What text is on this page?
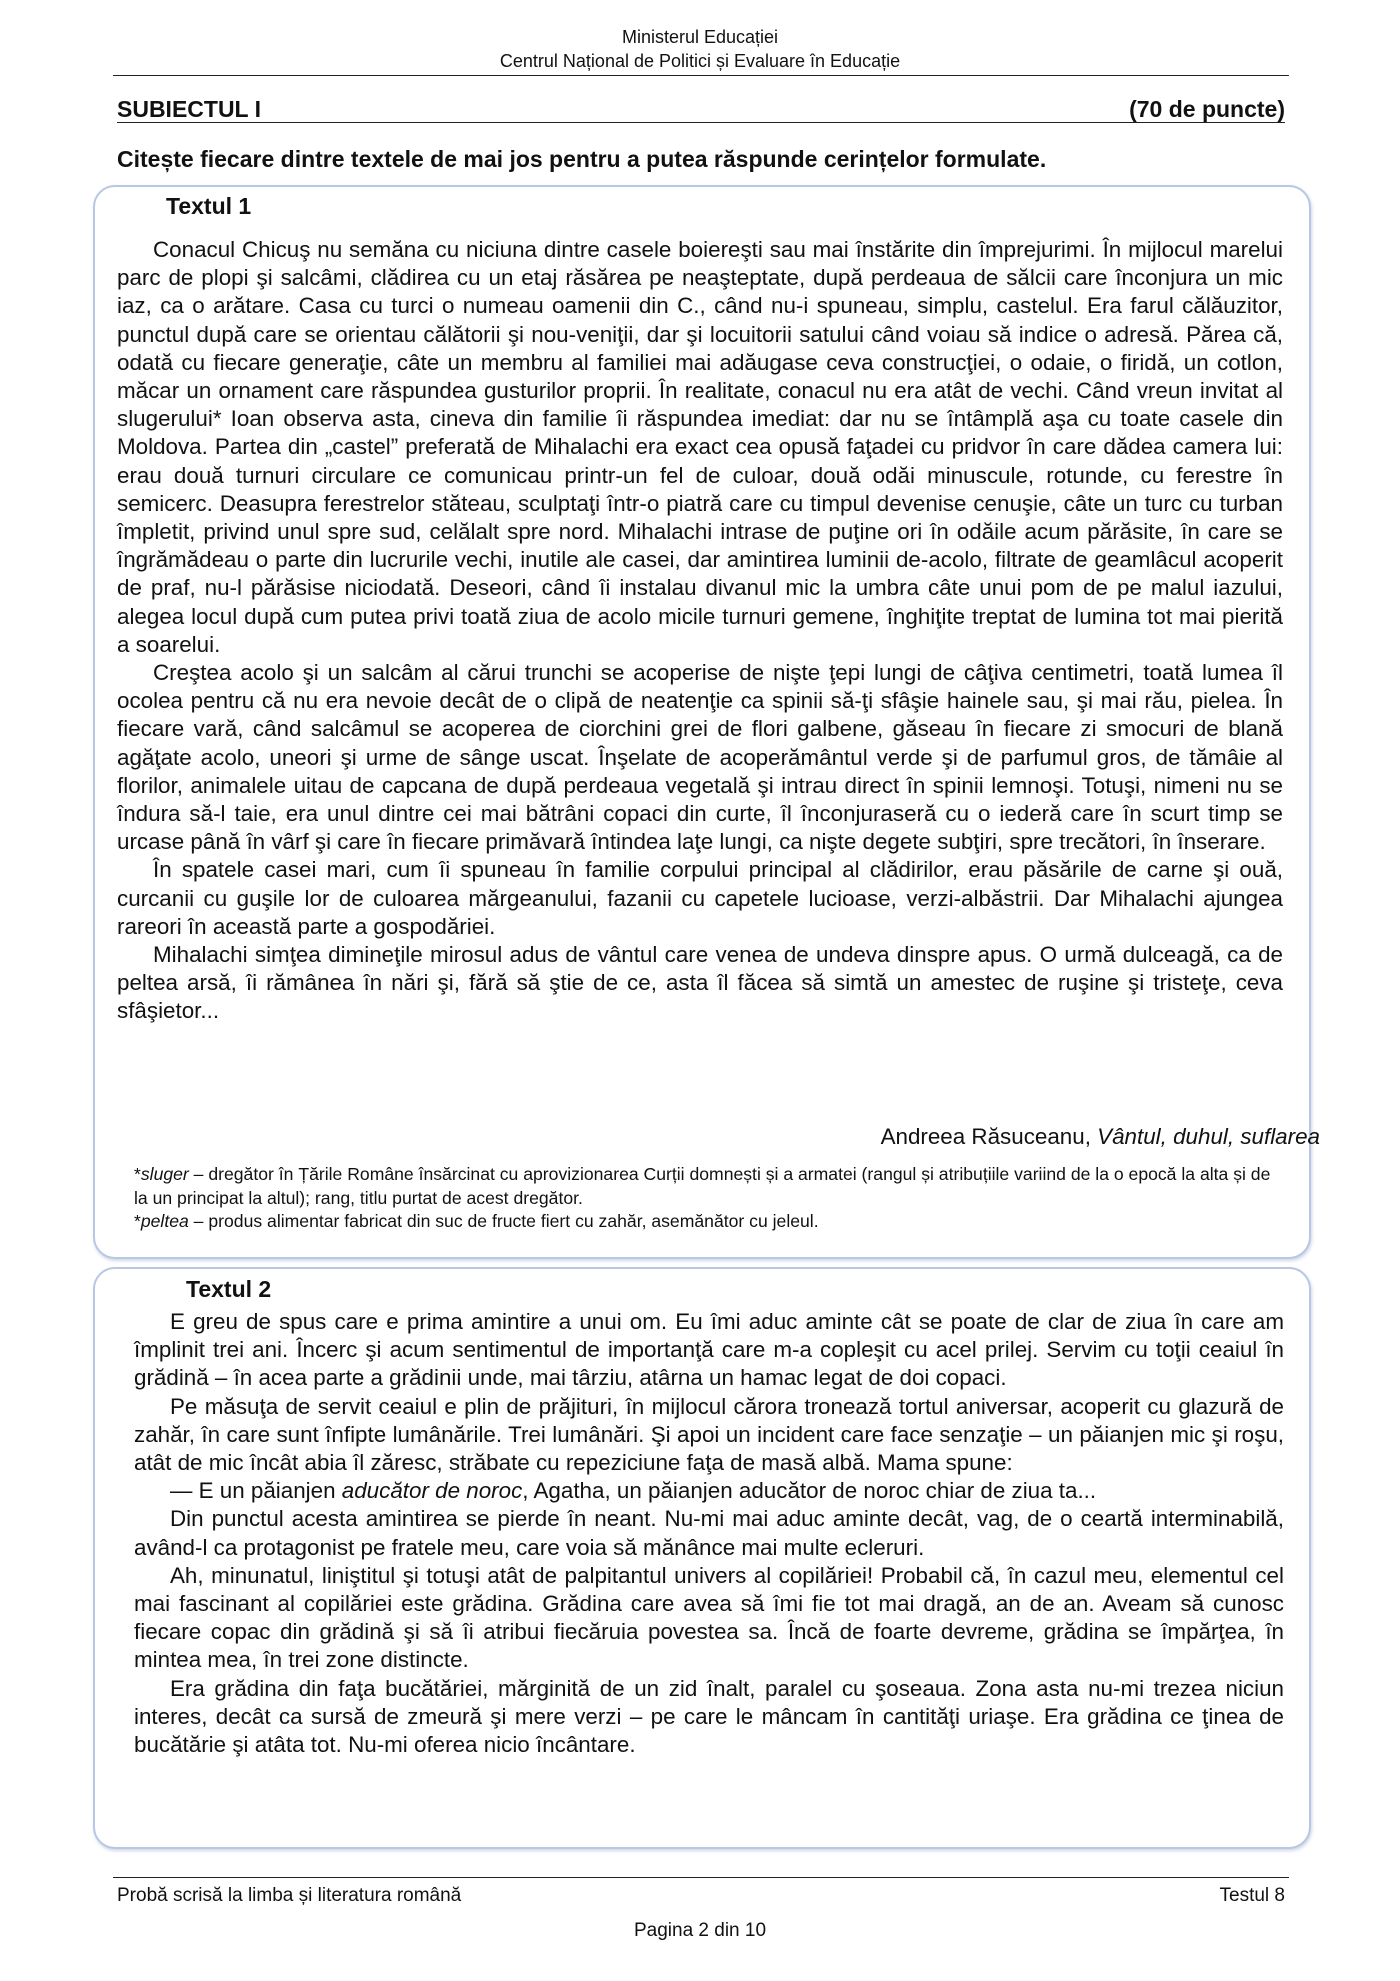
Ministerul Educației
Centrul Național de Politici și Evaluare în Educație
SUBIECTUL I	(70 de puncte)
Citește fiecare dintre textele de mai jos pentru a putea răspunde cerințelor formulate.
Textul 1

Conacul Chicuş nu semăna cu niciuna dintre casele boiereşti sau mai înstărite din împrejurimi. În mijlocul marelui parc de plopi şi salcâmi, clădirea cu un etaj răsărea pe neaşteptate, după perdeaua de sălcii care înconjura un mic iaz, ca o arătare. Casa cu turci o numeau oamenii din C., când nu-i spuneau, simplu, castelul. Era farul călăuzitor, punctul după care se orientau călătorii şi nou-veniţii, dar şi locuitorii satului când voiau să indice o adresă. Părea că, odată cu fiecare generaţie, câte un membru al familiei mai adăugase ceva construcţiei, o odaie, o firidă, un cotlon, măcar un ornament care răspundea gusturilor proprii. În realitate, conacul nu era atât de vechi. Când vreun invitat al slugerului* Ioan observa asta, cineva din familie îi răspundea imediat: dar nu se întâmplă aşa cu toate casele din Moldova. Partea din „castel” preferată de Mihalachi era exact cea opusă faţadei cu pridvor în care dădea camera lui: erau două turnuri circulare ce comunicau printr-un fel de culoar, două odăi minuscule, rotunde, cu ferestre în semicerc. Deasupra ferestrelor stăteau, sculptaţi într-o piatră care cu timpul devenise cenuşie, câte un turc cu turban împletit, privind unul spre sud, celălalt spre nord. Mihalachi intrase de puţine ori în odăile acum părăsite, în care se îngrămădeau o parte din lucrurile vechi, inutile ale casei, dar amintirea luminii de-acolo, filtrate de geamlâcul acoperit de praf, nu-l părăsise niciodată. Deseori, când îi instalau divanul mic la umbra câte unui pom de pe malul iazului, alegea locul după cum putea privi toată ziua de acolo micile turnuri gemene, înghiţite treptat de lumina tot mai pierită a soarelui.

Creştea acolo şi un salcâm al cărui trunchi se acoperise de nişte ţepi lungi de câţiva centimetri, toată lumea îl ocolea pentru că nu era nevoie decât de o clipă de neatenţie ca spinii să-ţi sfâşie hainele sau, şi mai rău, pielea. În fiecare vară, când salcâmul se acoperea de ciorchini grei de flori galbene, găseau în fiecare zi smocuri de blană agăţate acolo, uneori şi urme de sânge uscat. Înşelate de acoperământul verde şi de parfumul gros, de tămâie al florilor, animalele uitau de capcana de după perdeaua vegetală şi intrau direct în spinii lemnoşi. Totuşi, nimeni nu se îndura să-l taie, era unul dintre cei mai bătrâni copaci din curte, îl înconjuraseră cu o iederă care în scurt timp se urcase până în vârf şi care în fiecare primăvară întindea laţe lungi, ca nişte degete subţiri, spre trecători, în înserare.

În spatele casei mari, cum îi spuneau în familie corpului principal al clădirilor, erau păsările de carne şi ouă, curcanii cu guşile lor de culoarea mărgeanului, fazanii cu capetele lucioase, verzi-albăstrii. Dar Mihalachi ajungea rareori în această parte a gospodăriei.

Mihalachi simţea dimineţile mirosul adus de vântul care venea de undeva dinspre apus. O urmă dulceagă, ca de peltea arsă, îi rămânea în nări şi, fără să ştie de ce, asta îl făcea să simtă un amestec de ruşine şi tristeţe, ceva sfâşietor...

Andreea Răsuceanu, Vântul, duhul, suflarea

*sluger – dregător în Țările Române însărcinat cu aprovizionarea Curții domnești și a armatei (rangul și atribuțiile variind de la o epocă la alta și de la un principat la altul); rang, titlu purtat de acest dregător.

*peltea – produs alimentar fabricat din suc de fructe fiert cu zahăr, asemănător cu jeleul.

Textul 2

E greu de spus care e prima amintire a unui om. Eu îmi aduc aminte cât se poate de clar de ziua în care am împlinit trei ani. Încerc şi acum sentimentul de importanţă care m-a copleşit cu acel prilej. Servim cu toţii ceaiul în grădină – în acea parte a grădinii unde, mai târziu, atârna un hamac legat de doi copaci.

Pe măsuţa de servit ceaiul e plin de prăjituri, în mijlocul cărora tronează tortul aniversar, acoperit cu glazură de zahăr, în care sunt înfipte lumânările. Trei lumânări. Şi apoi un incident care face senzaţie – un păianjen mic şi roşu, atât de mic încât abia îl zăresc, străbate cu repeziciune faţa de masă albă. Mama spune:

— E un păianjen aducător de noroc, Agatha, un păianjen aducător de noroc chiar de ziua ta...

Din punctul acesta amintirea se pierde în neant. Nu-mi mai aduc aminte decât, vag, de o ceartă interminabilă, având-l ca protagonist pe fratele meu, care voia să mănânce mai multe ecleruri.

Ah, minunatul, liniştitul şi totuşi atât de palpitantul univers al copilăriei! Probabil că, în cazul meu, elementul cel mai fascinant al copilăriei este grădina. Grădina care avea să îmi fie tot mai dragă, an de an. Aveam să cunosc fiecare copac din grădină şi să îi atribui fiecăruia povestea sa. Încă de foarte devreme, grădina se împărţea, în mintea mea, în trei zone distincte.

Era grădina din faţa bucătăriei, mărginită de un zid înalt, paralel cu şoseaua. Zona asta nu-mi trezea niciun interes, decât ca sursă de zmeură şi mere verzi – pe care le mâncam în cantităţi uriaşe. Era grădina ce ţinea de bucătărie şi atâta tot. Nu-mi oferea nicio încântare.

Probă scrisă la limba și literatura română	Testul 8
Pagina 2 din 10
